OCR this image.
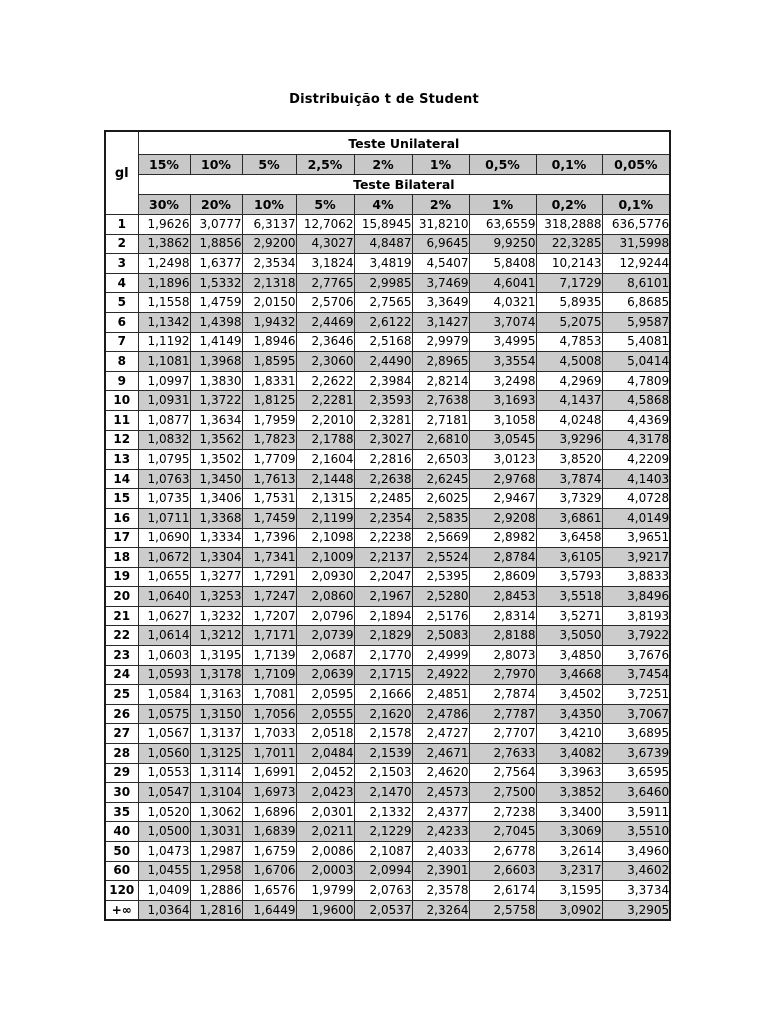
Distribuição t de Student
gl	Teste Unilateral								
	15%	10%	5%	2,5%	2%	1%	0,5%	0,1%	0,05%
	Teste Bilateral								
	30%	20%	10%	5%	4%	2%	1%	0,2%	0,1%
1	1,9626	3,0777	6,3137	12,7062	15,8945	31,8210	63,6559	318,2888	636,5776
2	1,3862	1,8856	2,9200	4,3027	4,8487	6,9645	9,9250	22,3285	31,5998
3	1,2498	1,6377	2,3534	3,1824	3,4819	4,5407	5,8408	10,2143	12,9244
4	1,1896	1,5332	2,1318	2,7765	2,9985	3,7469	4,6041	7,1729	8,6101
5	1,1558	1,4759	2,0150	2,5706	2,7565	3,3649	4,0321	5,8935	6,8685
6	1,1342	1,4398	1,9432	2,4469	2,6122	3,1427	3,7074	5,2075	5,9587
7	1,1192	1,4149	1,8946	2,3646	2,5168	2,9979	3,4995	4,7853	5,4081
8	1,1081	1,3968	1,8595	2,3060	2,4490	2,8965	3,3554	4,5008	5,0414
9	1,0997	1,3830	1,8331	2,2622	2,3984	2,8214	3,2498	4,2969	4,7809
10	1,0931	1,3722	1,8125	2,2281	2,3593	2,7638	3,1693	4,1437	4,5868
11	1,0877	1,3634	1,7959	2,2010	2,3281	2,7181	3,1058	4,0248	4,4369
12	1,0832	1,3562	1,7823	2,1788	2,3027	2,6810	3,0545	3,9296	4,3178
13	1,0795	1,3502	1,7709	2,1604	2,2816	2,6503	3,0123	3,8520	4,2209
14	1,0763	1,3450	1,7613	2,1448	2,2638	2,6245	2,9768	3,7874	4,1403
15	1,0735	1,3406	1,7531	2,1315	2,2485	2,6025	2,9467	3,7329	4,0728
16	1,0711	1,3368	1,7459	2,1199	2,2354	2,5835	2,9208	3,6861	4,0149
17	1,0690	1,3334	1,7396	2,1098	2,2238	2,5669	2,8982	3,6458	3,9651
18	1,0672	1,3304	1,7341	2,1009	2,2137	2,5524	2,8784	3,6105	3,9217
19	1,0655	1,3277	1,7291	2,0930	2,2047	2,5395	2,8609	3,5793	3,8833
20	1,0640	1,3253	1,7247	2,0860	2,1967	2,5280	2,8453	3,5518	3,8496
21	1,0627	1,3232	1,7207	2,0796	2,1894	2,5176	2,8314	3,5271	3,8193
22	1,0614	1,3212	1,7171	2,0739	2,1829	2,5083	2,8188	3,5050	3,7922
23	1,0603	1,3195	1,7139	2,0687	2,1770	2,4999	2,8073	3,4850	3,7676
24	1,0593	1,3178	1,7109	2,0639	2,1715	2,4922	2,7970	3,4668	3,7454
25	1,0584	1,3163	1,7081	2,0595	2,1666	2,4851	2,7874	3,4502	3,7251
26	1,0575	1,3150	1,7056	2,0555	2,1620	2,4786	2,7787	3,4350	3,7067
27	1,0567	1,3137	1,7033	2,0518	2,1578	2,4727	2,7707	3,4210	3,6895
28	1,0560	1,3125	1,7011	2,0484	2,1539	2,4671	2,7633	3,4082	3,6739
29	1,0553	1,3114	1,6991	2,0452	2,1503	2,4620	2,7564	3,3963	3,6595
30	1,0547	1,3104	1,6973	2,0423	2,1470	2,4573	2,7500	3,3852	3,6460
35	1,0520	1,3062	1,6896	2,0301	2,1332	2,4377	2,7238	3,3400	3,5911
40	1,0500	1,3031	1,6839	2,0211	2,1229	2,4233	2,7045	3,3069	3,5510
50	1,0473	1,2987	1,6759	2,0086	2,1087	2,4033	2,6778	3,2614	3,4960
60	1,0455	1,2958	1,6706	2,0003	2,0994	2,3901	2,6603	3,2317	3,4602
120	1,0409	1,2886	1,6576	1,9799	2,0763	2,3578	2,6174	3,1595	3,3734
+∞	1,0364	1,2816	1,6449	1,9600	2,0537	2,3264	2,5758	3,0902	3,2905
